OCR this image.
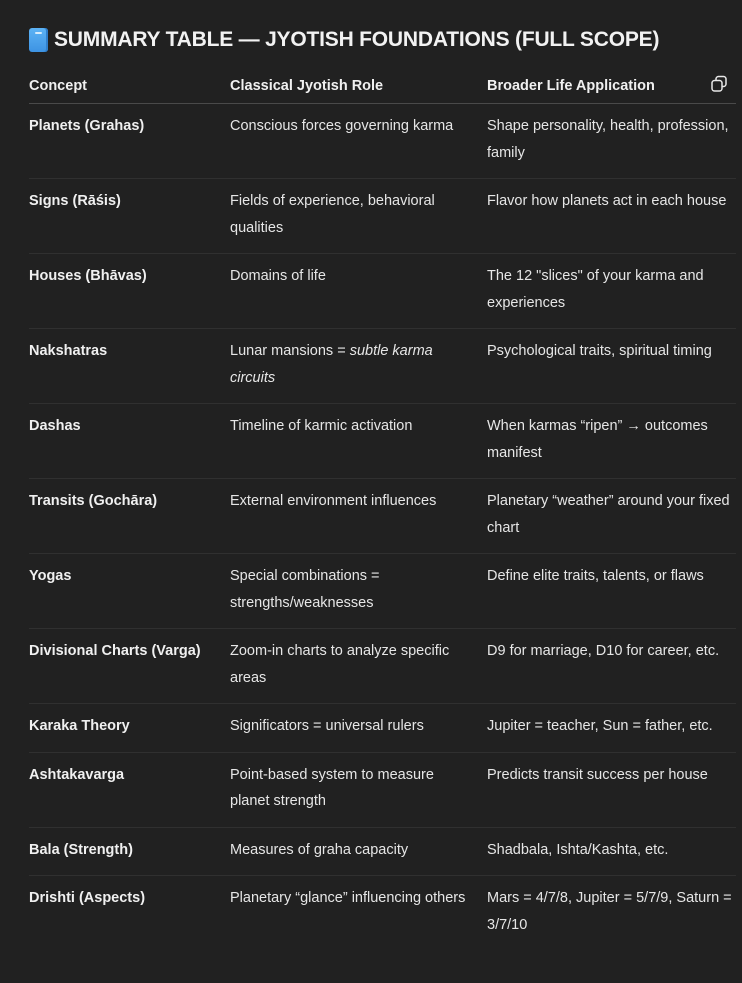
SUMMARY TABLE — JYOTISH FOUNDATIONS (FULL SCOPE)
Concept	Classical Jyotish Role	Broader Life Application

Planets (Grahas)	Conscious forces governing karma	Shape personality, health, profession, family
Signs (Rāśis)	Fields of experience, behavioral qualities	Flavor how planets act in each house
Houses (Bhāvas)	Domains of life	The 12 "slices" of your karma and experiences
Nakshatras	Lunar mansions = subtle karma circuits	Psychological traits, spiritual timing
Dashas	Timeline of karmic activation	When karmas “ripen” → outcomes manifest
Transits (Gochāra)	External environment influences	Planetary “weather” around your fixed chart
Yogas	Special combinations = strengths/weaknesses	Define elite traits, talents, or flaws
Divisional Charts (Varga)	Zoom-in charts to analyze specific areas	D9 for marriage, D10 for career, etc.
Karaka Theory	Significators = universal rulers	Jupiter = teacher, Sun = father, etc.
Ashtakavarga	Point-based system to measure planet strength	Predicts transit success per house
Bala (Strength)	Measures of graha capacity	Shadbala, Ishta/Kashta, etc.
Drishti (Aspects)	Planetary “glance” influencing others	Mars = 4/7/8, Jupiter = 5/7/9, Saturn = 3/7/10
